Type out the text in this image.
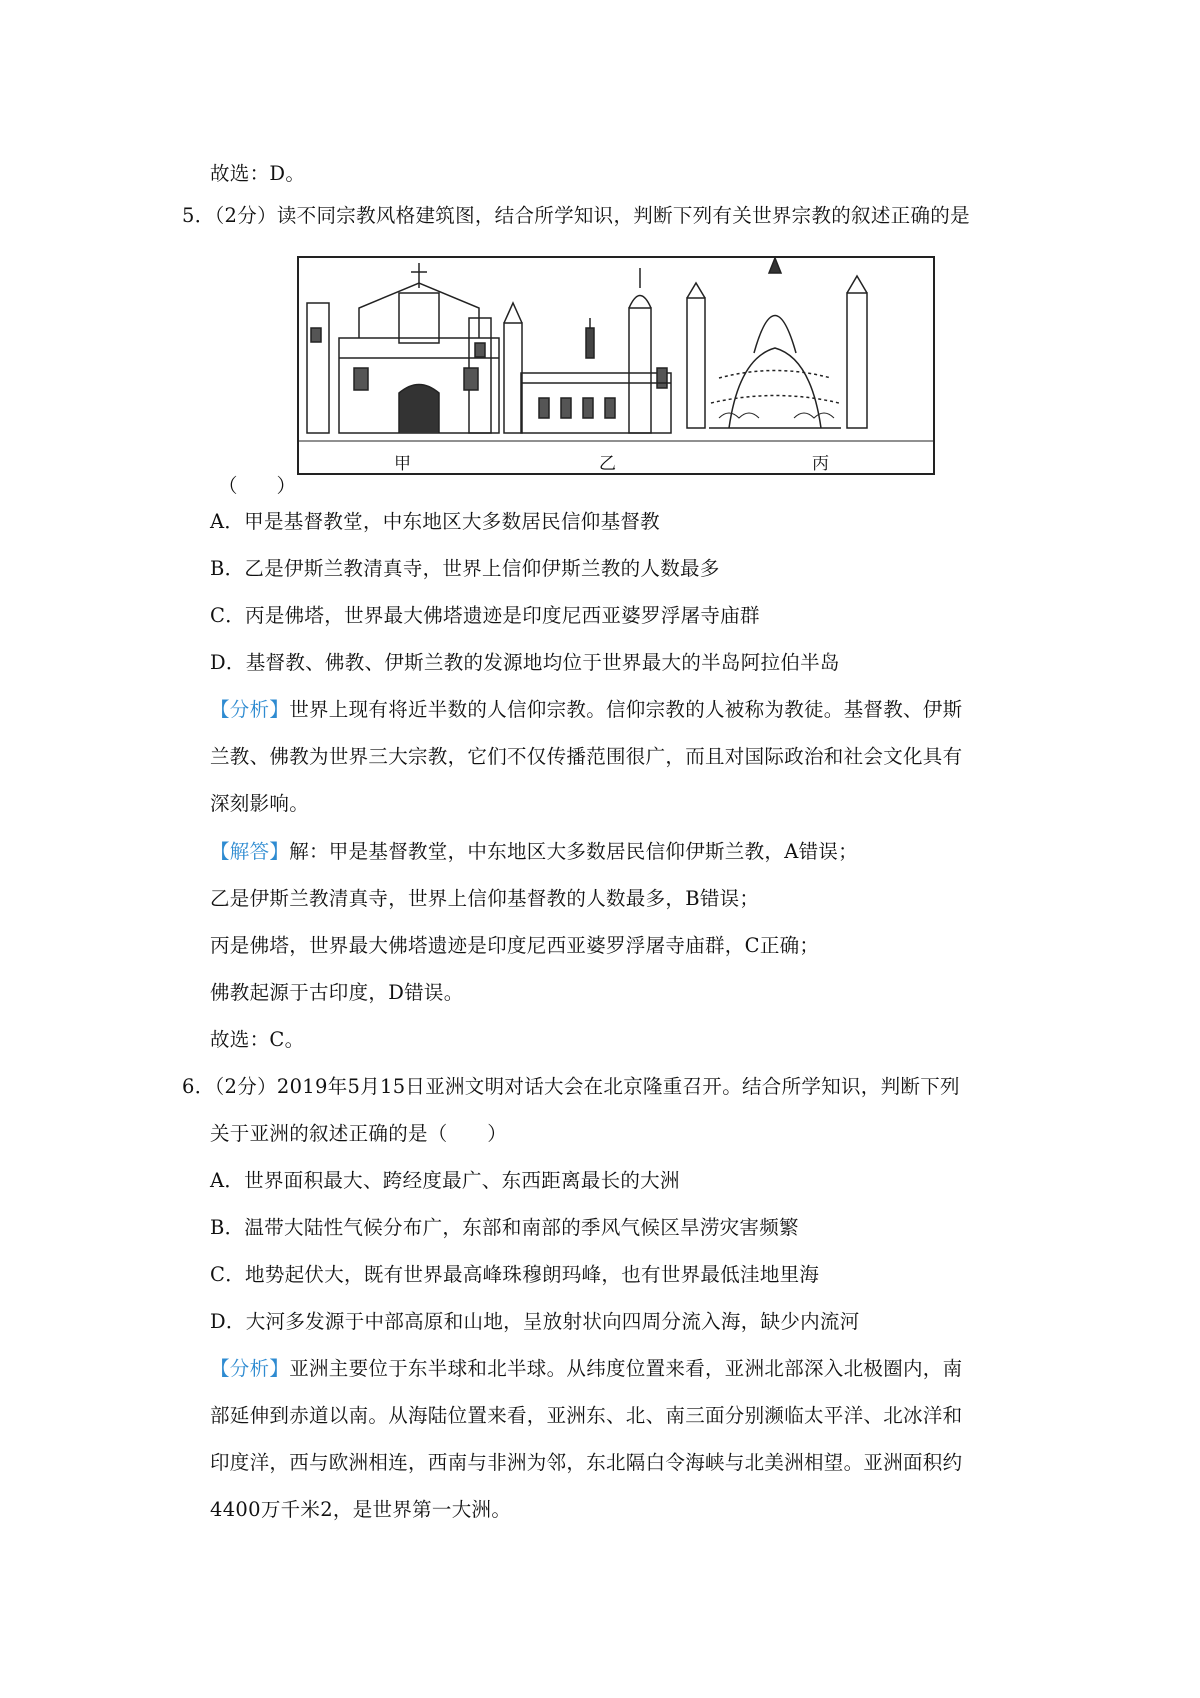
故选：D。
5．（2分）读不同宗教风格建筑图，结合所学知识，判断下列有关世界宗教的叙述正确的是
甲	乙	丙
（　　）
A．甲是基督教堂，中东地区大多数居民信仰基督教
B．乙是伊斯兰教清真寺，世界上信仰伊斯兰教的人数最多
C．丙是佛塔，世界最大佛塔遗迹是印度尼西亚婆罗浮屠寺庙群
D．基督教、佛教、伊斯兰教的发源地均位于世界最大的半岛阿拉伯半岛
【分析】世界上现有将近半数的人信仰宗教。信仰宗教的人被称为教徒。基督教、伊斯
兰教、佛教为世界三大宗教，它们不仅传播范围很广，而且对国际政治和社会文化具有
深刻影响。
【解答】解：甲是基督教堂，中东地区大多数居民信仰伊斯兰教，A错误；
乙是伊斯兰教清真寺，世界上信仰基督教的人数最多，B错误；
丙是佛塔，世界最大佛塔遗迹是印度尼西亚婆罗浮屠寺庙群，C正确；
佛教起源于古印度，D错误。
故选：C。
6．（2分）2019年5月15日亚洲文明对话大会在北京隆重召开。结合所学知识，判断下列
关于亚洲的叙述正确的是（　　）
A．世界面积最大、跨经度最广、东西距离最长的大洲
B．温带大陆性气候分布广，东部和南部的季风气候区旱涝灾害频繁
C．地势起伏大，既有世界最高峰珠穆朗玛峰，也有世界最低洼地里海
D．大河多发源于中部高原和山地，呈放射状向四周分流入海，缺少内流河
【分析】亚洲主要位于东半球和北半球。从纬度位置来看，亚洲北部深入北极圈内，南
部延伸到赤道以南。从海陆位置来看，亚洲东、北、南三面分别濒临太平洋、北冰洋和
印度洋，西与欧洲相连，西南与非洲为邻，东北隔白令海峡与北美洲相望。亚洲面积约
4400万千米2，是世界第一大洲。
